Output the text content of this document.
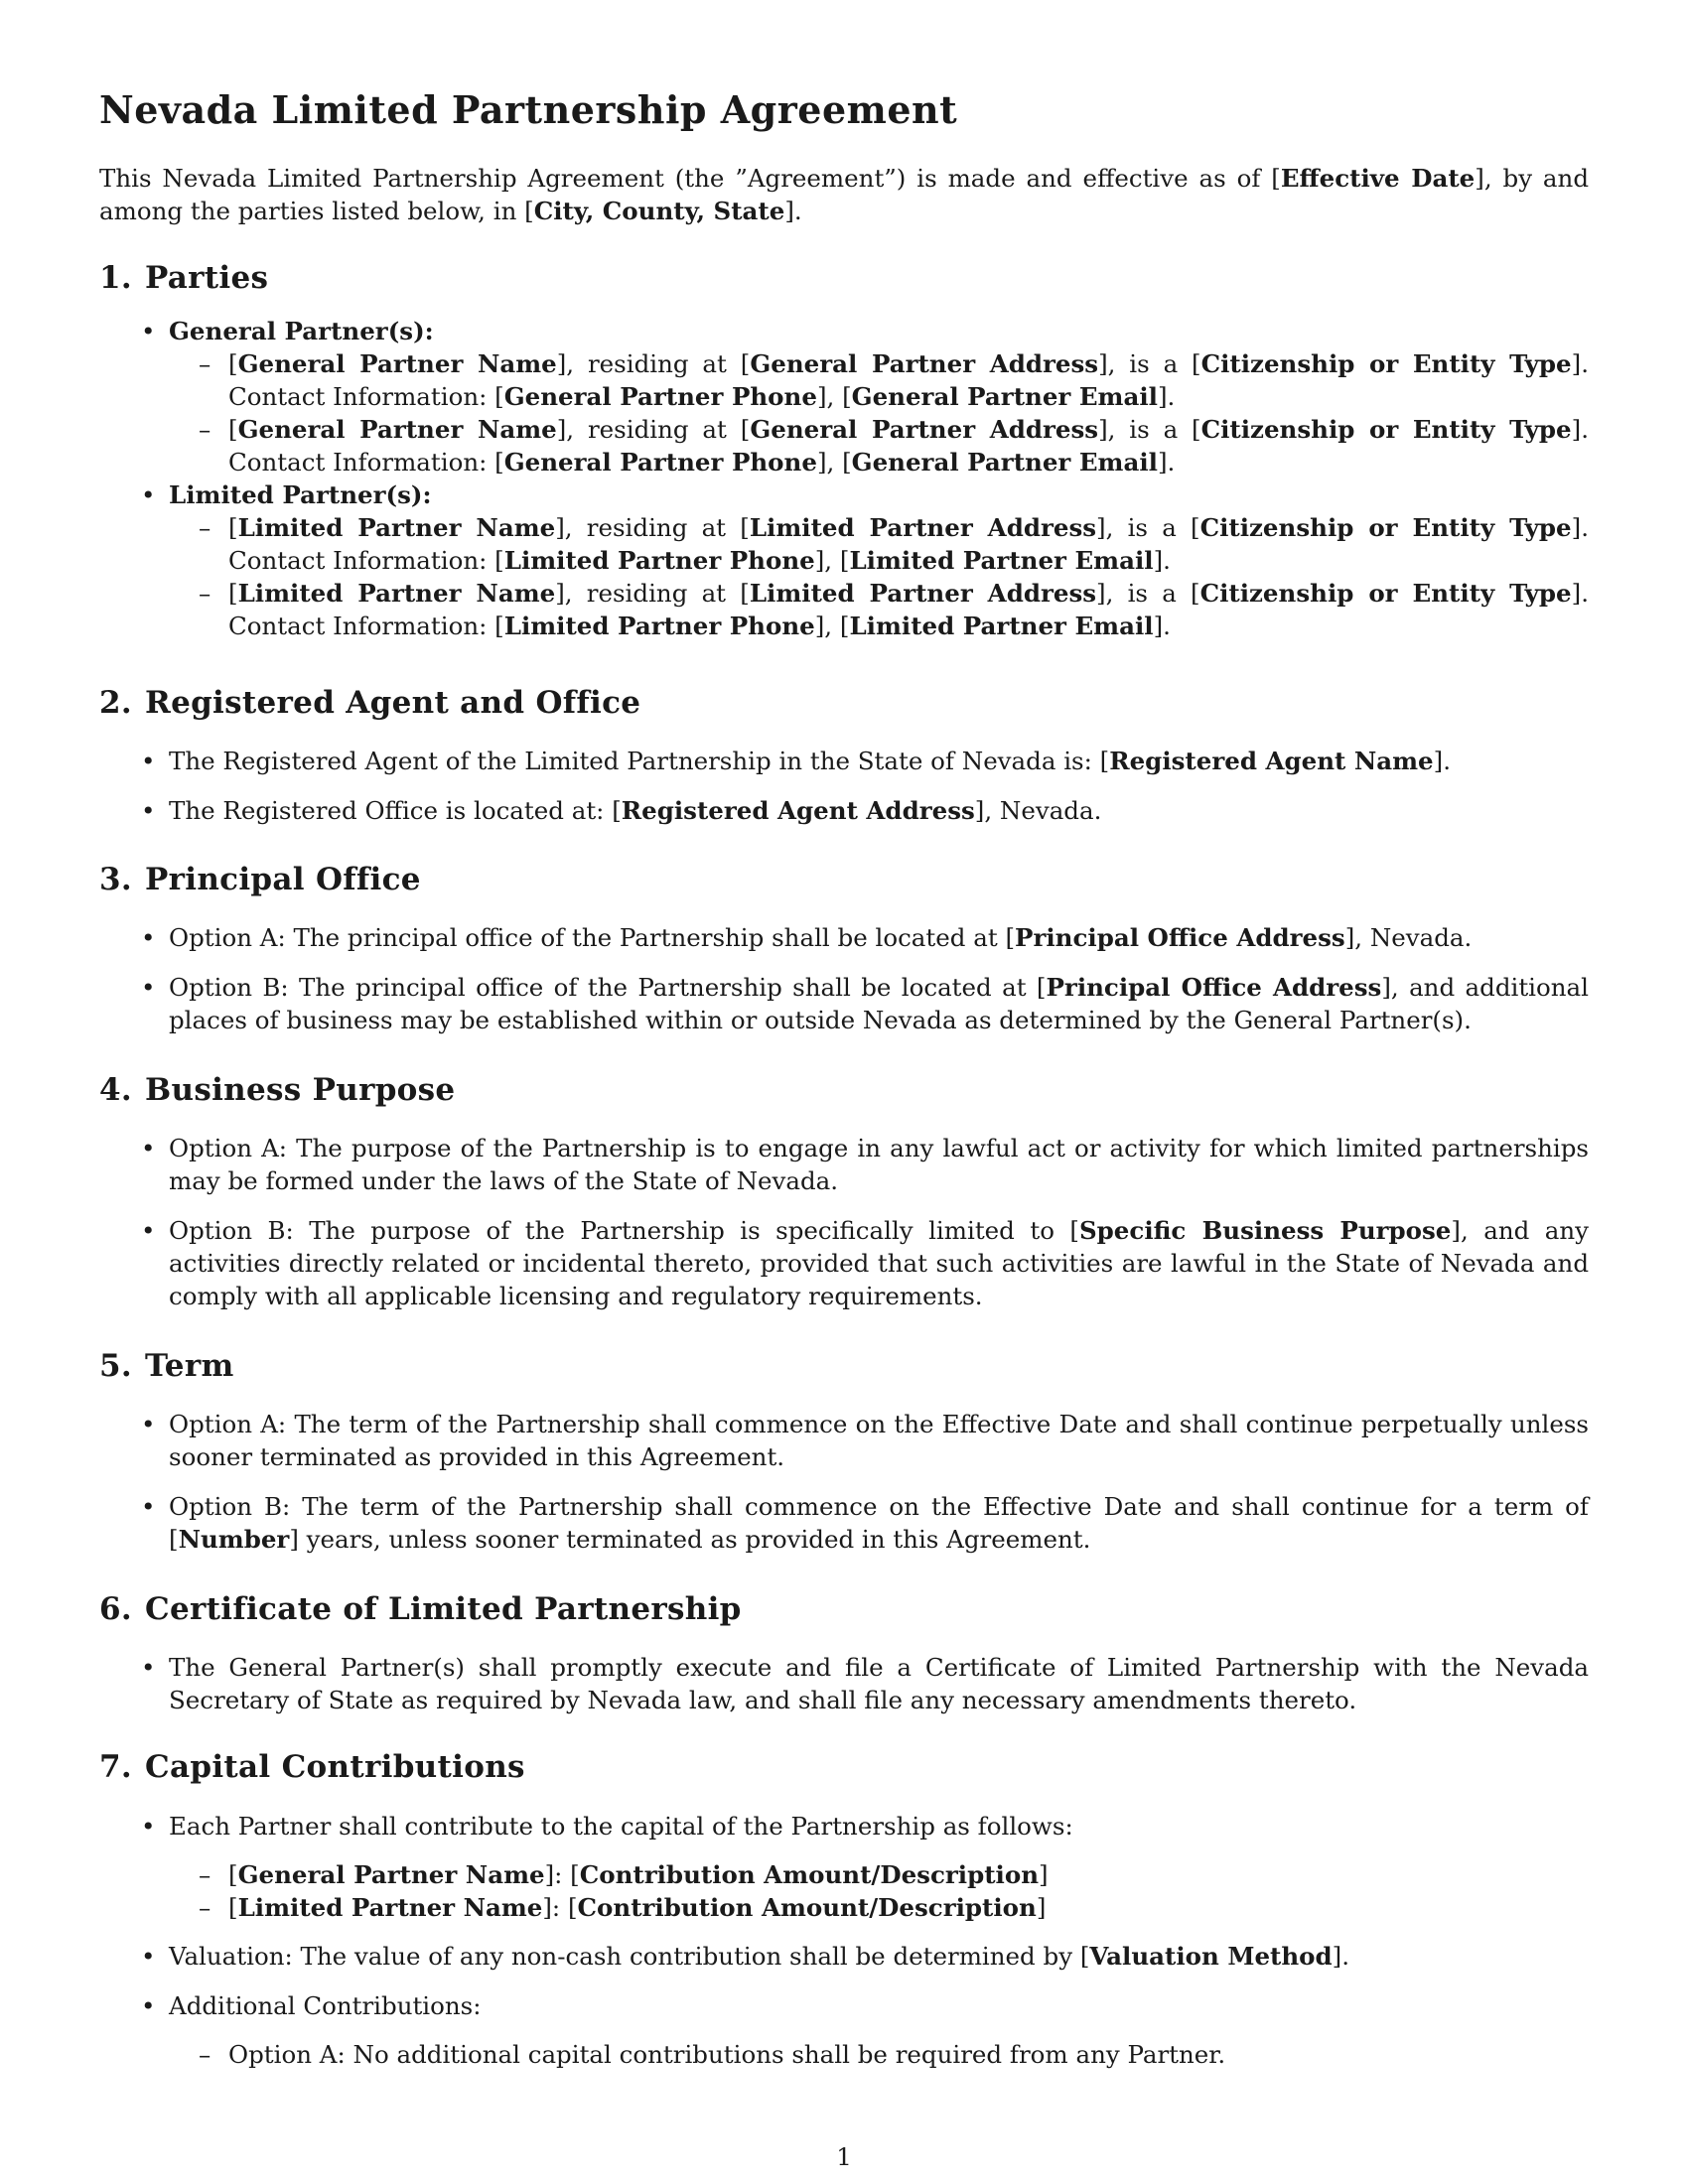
Nevada Limited Partnership Agreement

This Nevada Limited Partnership Agreement (the ”Agreement”) is made and effective as of [Effective Date], by and among the parties listed below, in [City, County, State].

1. Parties
• General Partner(s):
– [General Partner Name], residing at [General Partner Address], is a [Citizenship or Entity Type]. Contact Information: [General Partner Phone], [General Partner Email].
– [General Partner Name], residing at [General Partner Address], is a [Citizenship or Entity Type]. Contact Information: [General Partner Phone], [General Partner Email].
• Limited Partner(s):
– [Limited Partner Name], residing at [Limited Partner Address], is a [Citizenship or Entity Type]. Contact Information: [Limited Partner Phone], [Limited Partner Email].
– [Limited Partner Name], residing at [Limited Partner Address], is a [Citizenship or Entity Type]. Contact Information: [Limited Partner Phone], [Limited Partner Email].
2. Registered Agent and Office
• The Registered Agent of the Limited Partnership in the State of Nevada is: [Registered Agent Name].
• The Registered Office is located at: [Registered Agent Address], Nevada.
3. Principal Office
• Option A: The principal office of the Partnership shall be located at [Principal Office Address], Nevada.
• Option B: The principal office of the Partnership shall be located at [Principal Office Address], and additional places of business may be established within or outside Nevada as determined by the General Partner(s).
4. Business Purpose
• Option A: The purpose of the Partnership is to engage in any lawful act or activity for which limited partnerships may be formed under the laws of the State of Nevada.
• Option B: The purpose of the Partnership is specifically limited to [Specific Business Purpose], and any activities directly related or incidental thereto, provided that such activities are lawful in the State of Nevada and comply with all applicable licensing and regulatory requirements.
5. Term
• Option A: The term of the Partnership shall commence on the Effective Date and shall continue perpetually unless sooner terminated as provided in this Agreement.
• Option B: The term of the Partnership shall commence on the Effective Date and shall continue for a term of [Number] years, unless sooner terminated as provided in this Agreement.
6. Certificate of Limited Partnership
• The General Partner(s) shall promptly execute and file a Certificate of Limited Partnership with the Nevada Secretary of State as required by Nevada law, and shall file any necessary amendments thereto.
7. Capital Contributions
• Each Partner shall contribute to the capital of the Partnership as follows:
– [General Partner Name]: [Contribution Amount/Description]
– [Limited Partner Name]: [Contribution Amount/Description]
• Valuation: The value of any non-cash contribution shall be determined by [Valuation Method].
• Additional Contributions:
– Option A: No additional capital contributions shall be required from any Partner.
1
